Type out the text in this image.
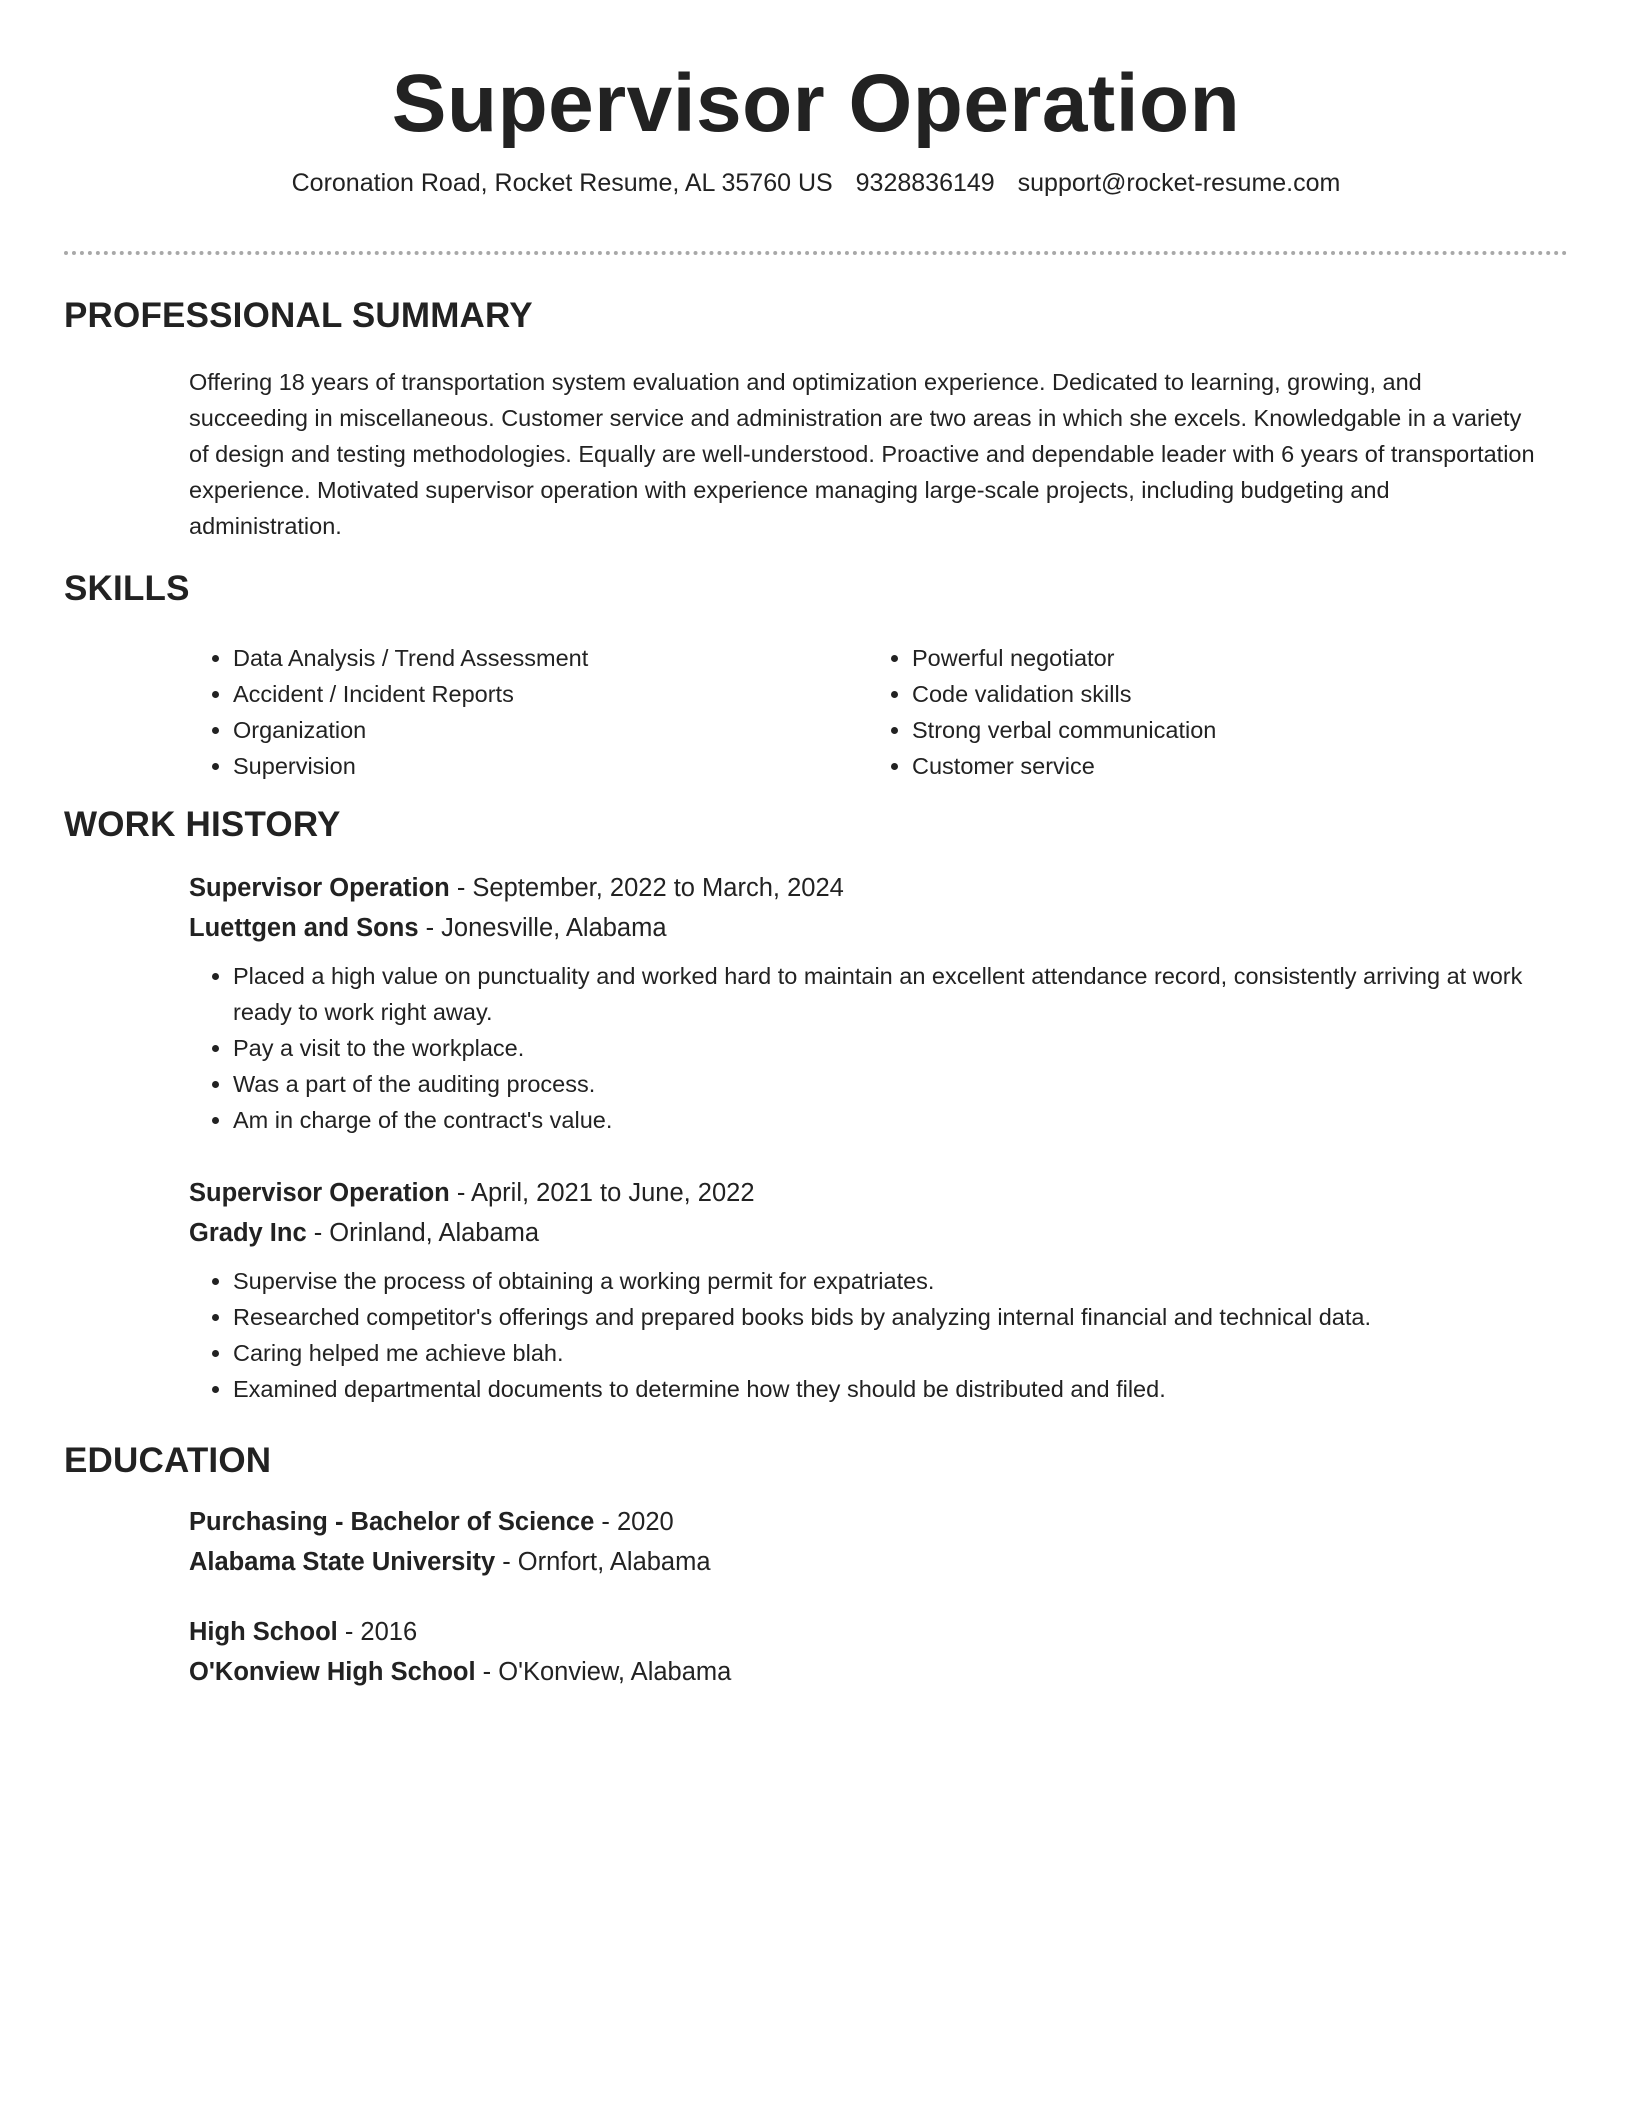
Supervisor Operation

Coronation Road, Rocket Resume, AL 35760 US 9328836149 support@rocket-resume.com

PROFESSIONAL SUMMARY

Offering 18 years of transportation system evaluation and optimization experience. Dedicated to learning, growing, and succeeding in miscellaneous. Customer service and administration are two areas in which she excels. Knowledgable in a variety of design and testing methodologies. Equally are well-understood. Proactive and dependable leader with 6 years of transportation experience. Motivated supervisor operation with experience managing large-scale projects, including budgeting and administration.

SKILLS
• Data Analysis / Trend Assessment
• Accident / Incident Reports
• Organization
• Supervision
• Powerful negotiator
• Code validation skills
• Strong verbal communication
• Customer service
WORK HISTORY

Supervisor Operation - September, 2022 to March, 2024

Luettgen and Sons - Jonesville, Alabama

• Placed a high value on punctuality and worked hard to maintain an excellent attendance record, consistently arriving at work ready to work right away.
• Pay a visit to the workplace.
• Was a part of the auditing process.
• Am in charge of the contract's value.

Supervisor Operation - April, 2021 to June, 2022

Grady Inc - Orinland, Alabama

• Supervise the process of obtaining a working permit for expatriates.
• Researched competitor's offerings and prepared books bids by analyzing internal financial and technical data.
• Caring helped me achieve blah.
• Examined departmental documents to determine how they should be distributed and filed.
EDUCATION

Purchasing - Bachelor of Science - 2020

Alabama State University - Ornfort, Alabama

High School - 2016

O'Konview High School - O'Konview, Alabama
